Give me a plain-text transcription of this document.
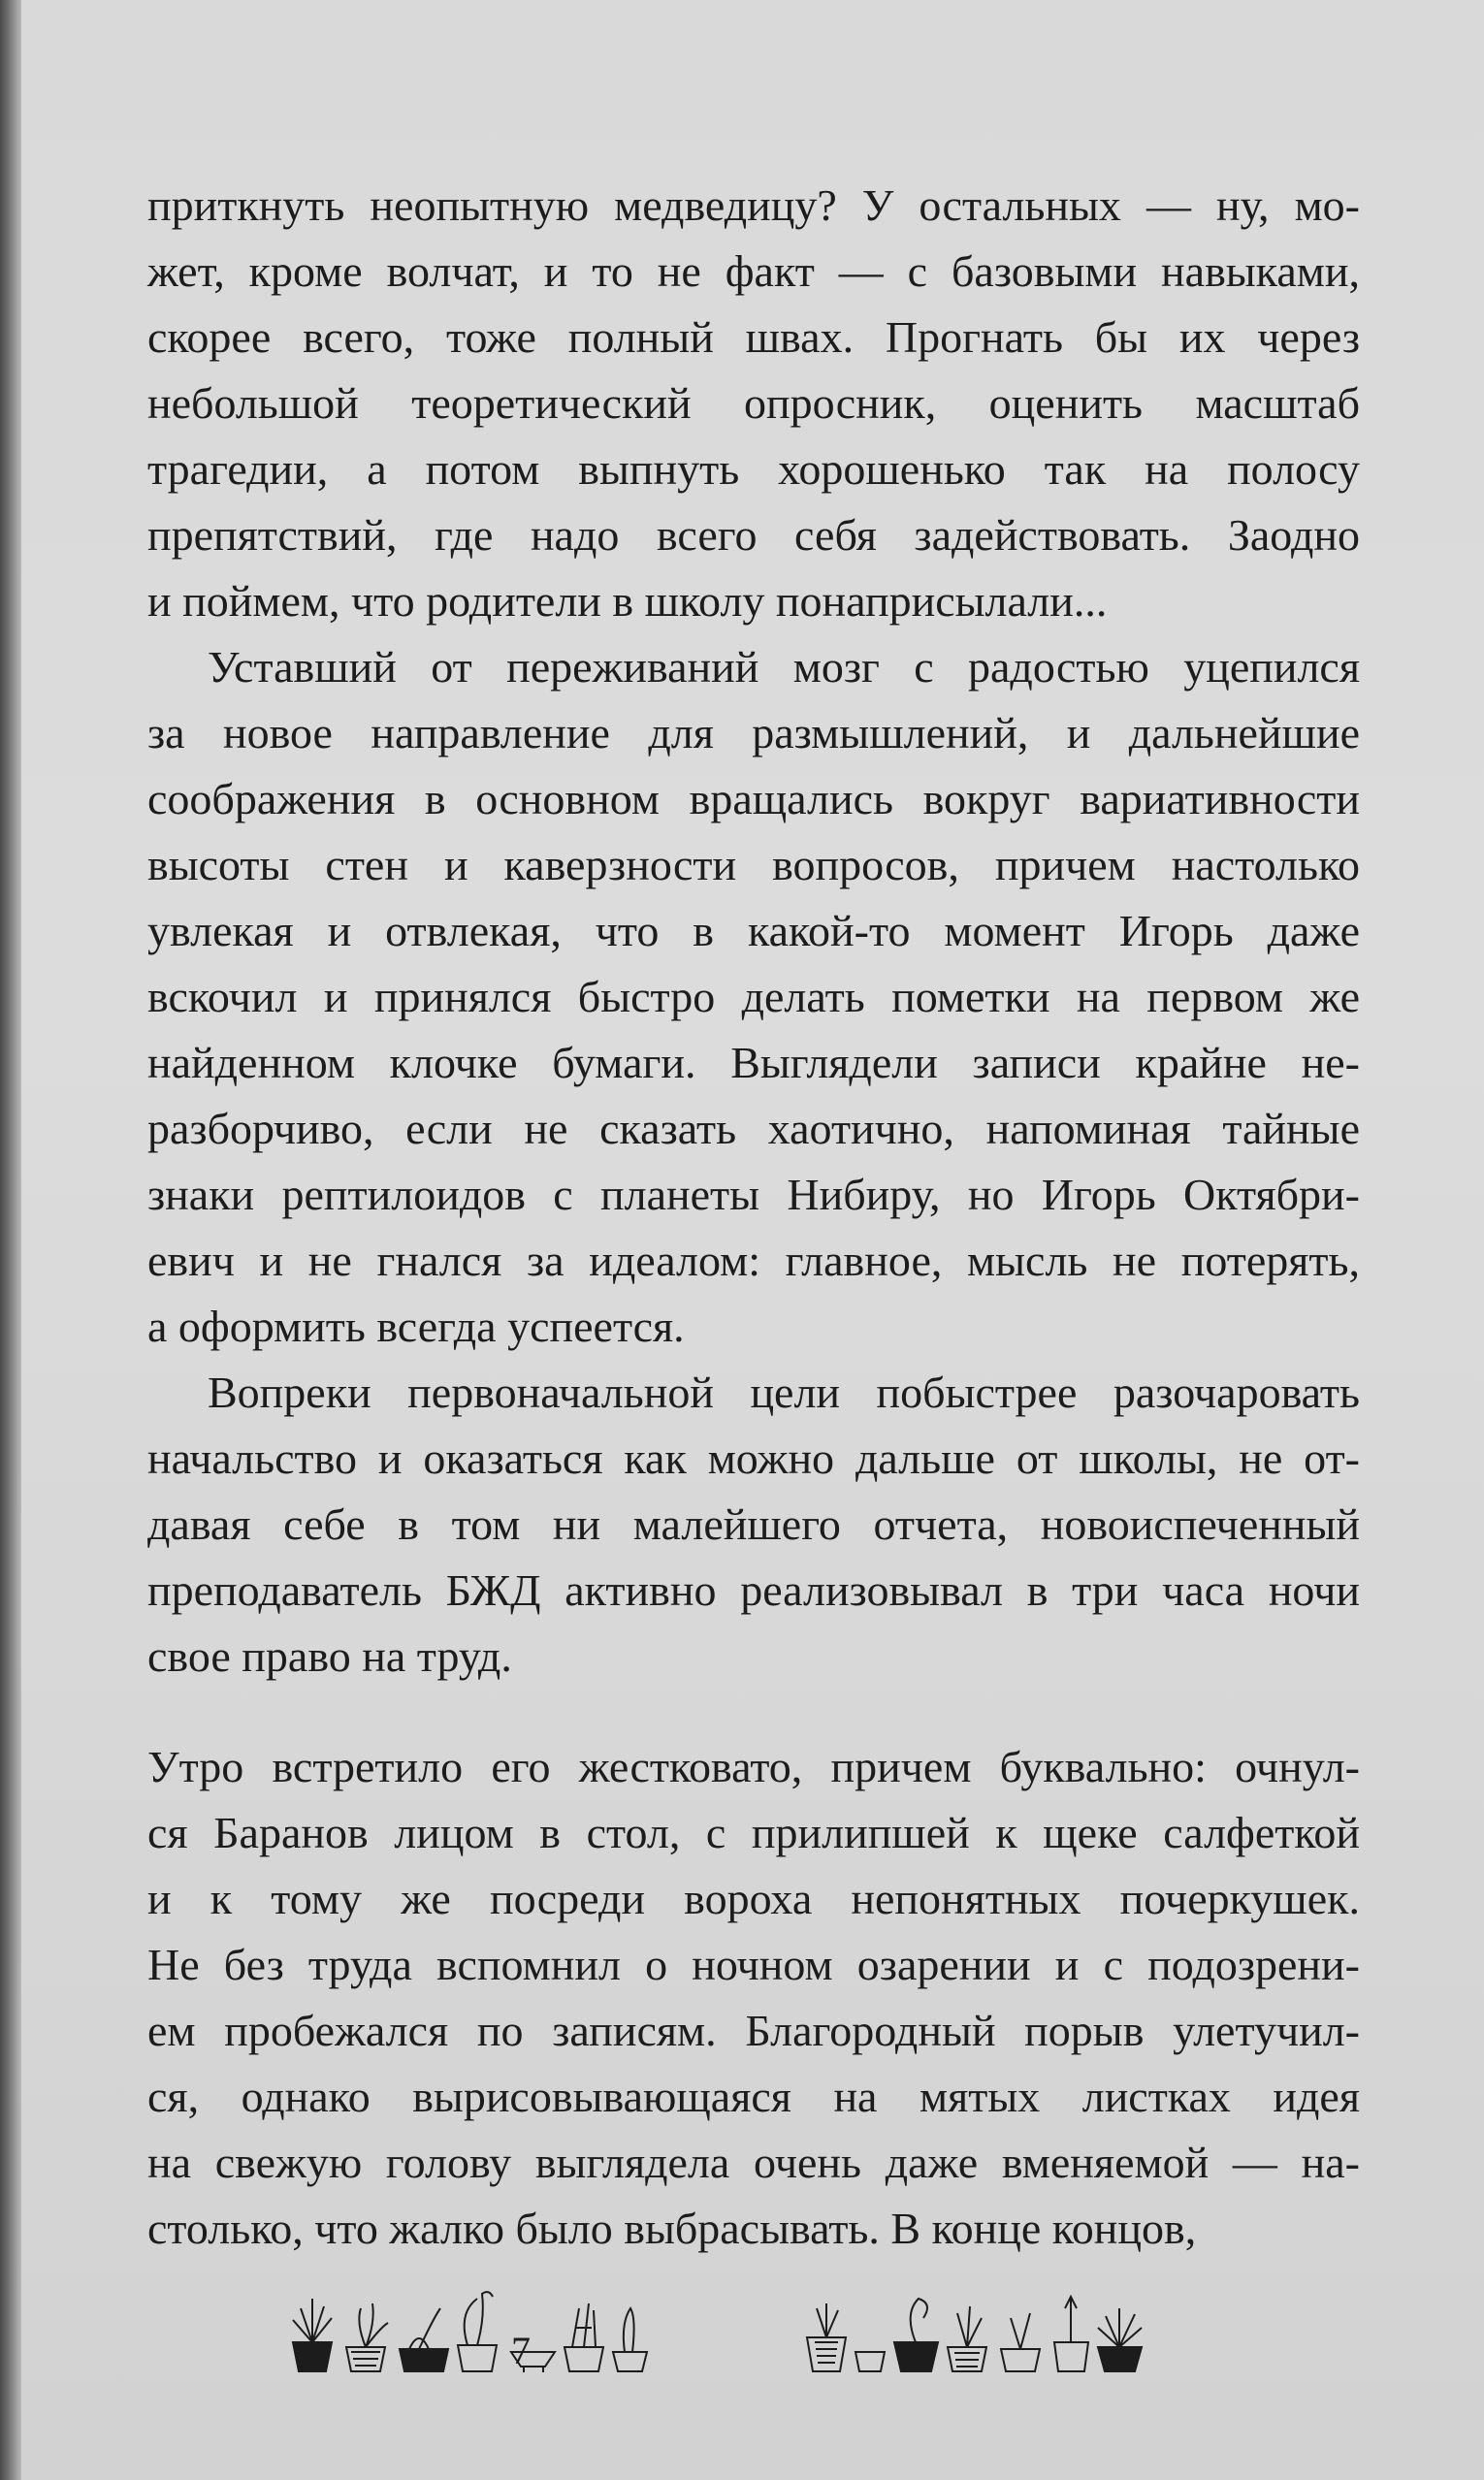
приткнуть неопытную медведицу? У остальных — ну, мо-
жет, кроме волчат, и то не факт — с базовыми навыками,
скорее всего, тоже полный швах. Прогнать бы их через
небольшой теоретический опросник, оценить масштаб
трагедии, а потом выпнуть хорошенько так на полосу
препятствий, где надо всего себя задействовать. Заодно
и поймем, что родители в школу понаприсылали...
Уставший от переживаний мозг с радостью уцепился
за новое направление для размышлений, и дальнейшие
соображения в основном вращались вокруг вариативности
высоты стен и каверзности вопросов, причем настолько
увлекая и отвлекая, что в какой-то момент Игорь даже
вскочил и принялся быстро делать пометки на первом же
найденном клочке бумаги. Выглядели записи крайне не-
разборчиво, если не сказать хаотично, напоминая тайные
знаки рептилоидов с планеты Нибиру, но Игорь Октябри-
евич и не гнался за идеалом: главное, мысль не потерять,
а оформить всегда успеется.
Вопреки первоначальной цели побыстрее разочаровать
начальство и оказаться как можно дальше от школы, не от-
давая себе в том ни малейшего отчета, новоиспеченный
преподаватель БЖД активно реализовывал в три часа ночи
свое право на труд.
Утро встретило его жестковато, причем буквально: очнул-
ся Баранов лицом в стол, с прилипшей к щеке салфеткой
и к тому же посреди вороха непонятных почеркушек.
Не без труда вспомнил о ночном озарении и с подозрени-
ем пробежался по записям. Благородный порыв улетучил-
ся, однако вырисовывающаяся на мятых листках идея
на свежую голову выглядела очень даже вменяемой — на-
столько, что жалко было выбрасывать. В конце концов,
7
